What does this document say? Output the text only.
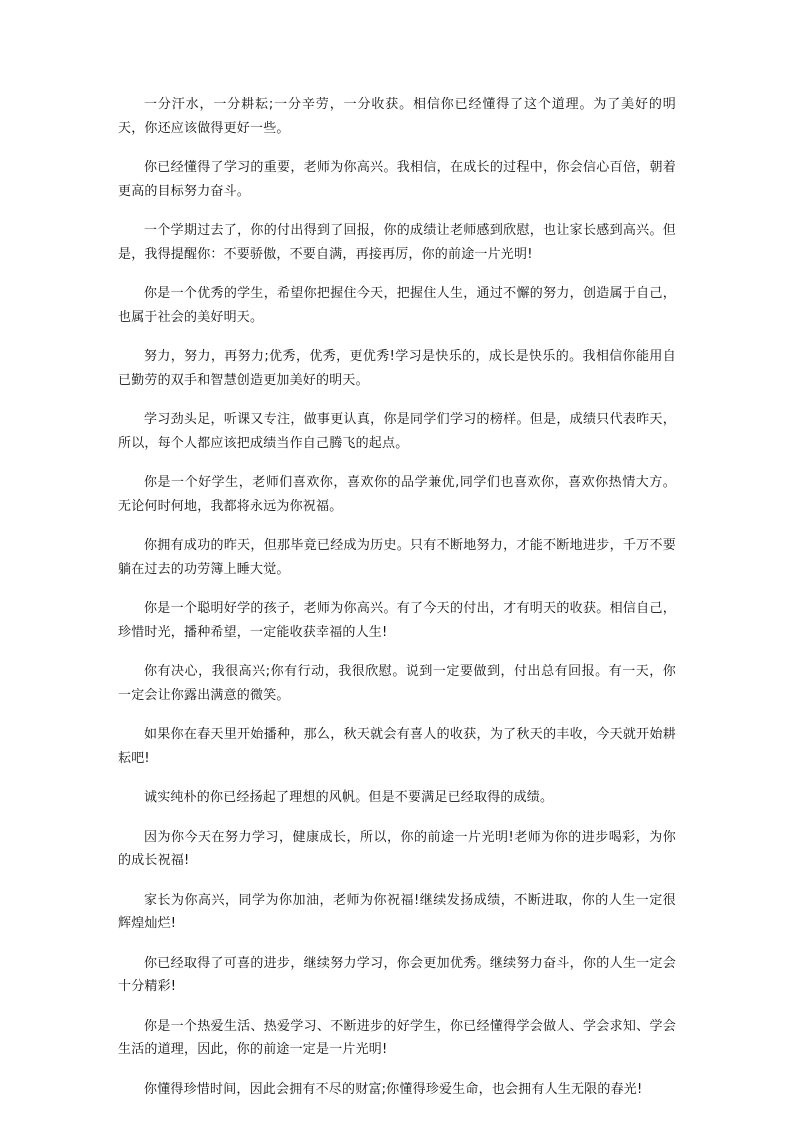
一分汗水，一分耕耘;一分辛劳，一分收获。相信你已经懂得了这个道理。为了美好的明天，你还应该做得更好一些。

你已经懂得了学习的重要，老师为你高兴。我相信，在成长的过程中，你会信心百倍，朝着更高的目标努力奋斗。

一个学期过去了，你的付出得到了回报，你的成绩让老师感到欣慰，也让家长感到高兴。但是，我得提醒你：不要骄傲，不要自满，再接再厉，你的前途一片光明!

你是一个优秀的学生，希望你把握住今天，把握住人生，通过不懈的努力，创造属于自己，也属于社会的美好明天。

努力，努力，再努力;优秀，优秀，更优秀!学习是快乐的，成长是快乐的。我相信你能用自已勤劳的双手和智慧创造更加美好的明天。

学习劲头足，听课又专注，做事更认真，你是同学们学习的榜样。但是，成绩只代表昨天，所以，每个人都应该把成绩当作自己腾飞的起点。

你是一个好学生，老师们喜欢你，喜欢你的品学兼优,同学们也喜欢你，喜欢你热情大方。无论何时何地，我都将永远为你祝福。

你拥有成功的昨天，但那毕竟已经成为历史。只有不断地努力，才能不断地进步，千万不要躺在过去的功劳簿上睡大觉。

你是一个聪明好学的孩子，老师为你高兴。有了今天的付出，才有明天的收获。相信自己，珍惜时光，播种希望，一定能收获幸福的人生!

你有决心，我很高兴;你有行动，我很欣慰。说到一定要做到，付出总有回报。有一天，你一定会让你露出满意的微笑。

如果你在春天里开始播种，那么，秋天就会有喜人的收获，为了秋天的丰收，今天就开始耕耘吧!

诚实纯朴的你已经扬起了理想的风帆。但是不要满足已经取得的成绩。

因为你今天在努力学习，健康成长，所以，你的前途一片光明!老师为你的进步喝彩，为你的成长祝福!

家长为你高兴，同学为你加油，老师为你祝福!继续发扬成绩，不断进取，你的人生一定很辉煌灿烂!

你已经取得了可喜的进步，继续努力学习，你会更加优秀。继续努力奋斗，你的人生一定会十分精彩!

你是一个热爱生活、热爱学习、不断进步的好学生，你已经懂得学会做人、学会求知、学会生活的道理，因此，你的前途一定是一片光明!

你懂得珍惜时间，因此会拥有不尽的财富;你懂得珍爱生命，也会拥有人生无限的春光!
